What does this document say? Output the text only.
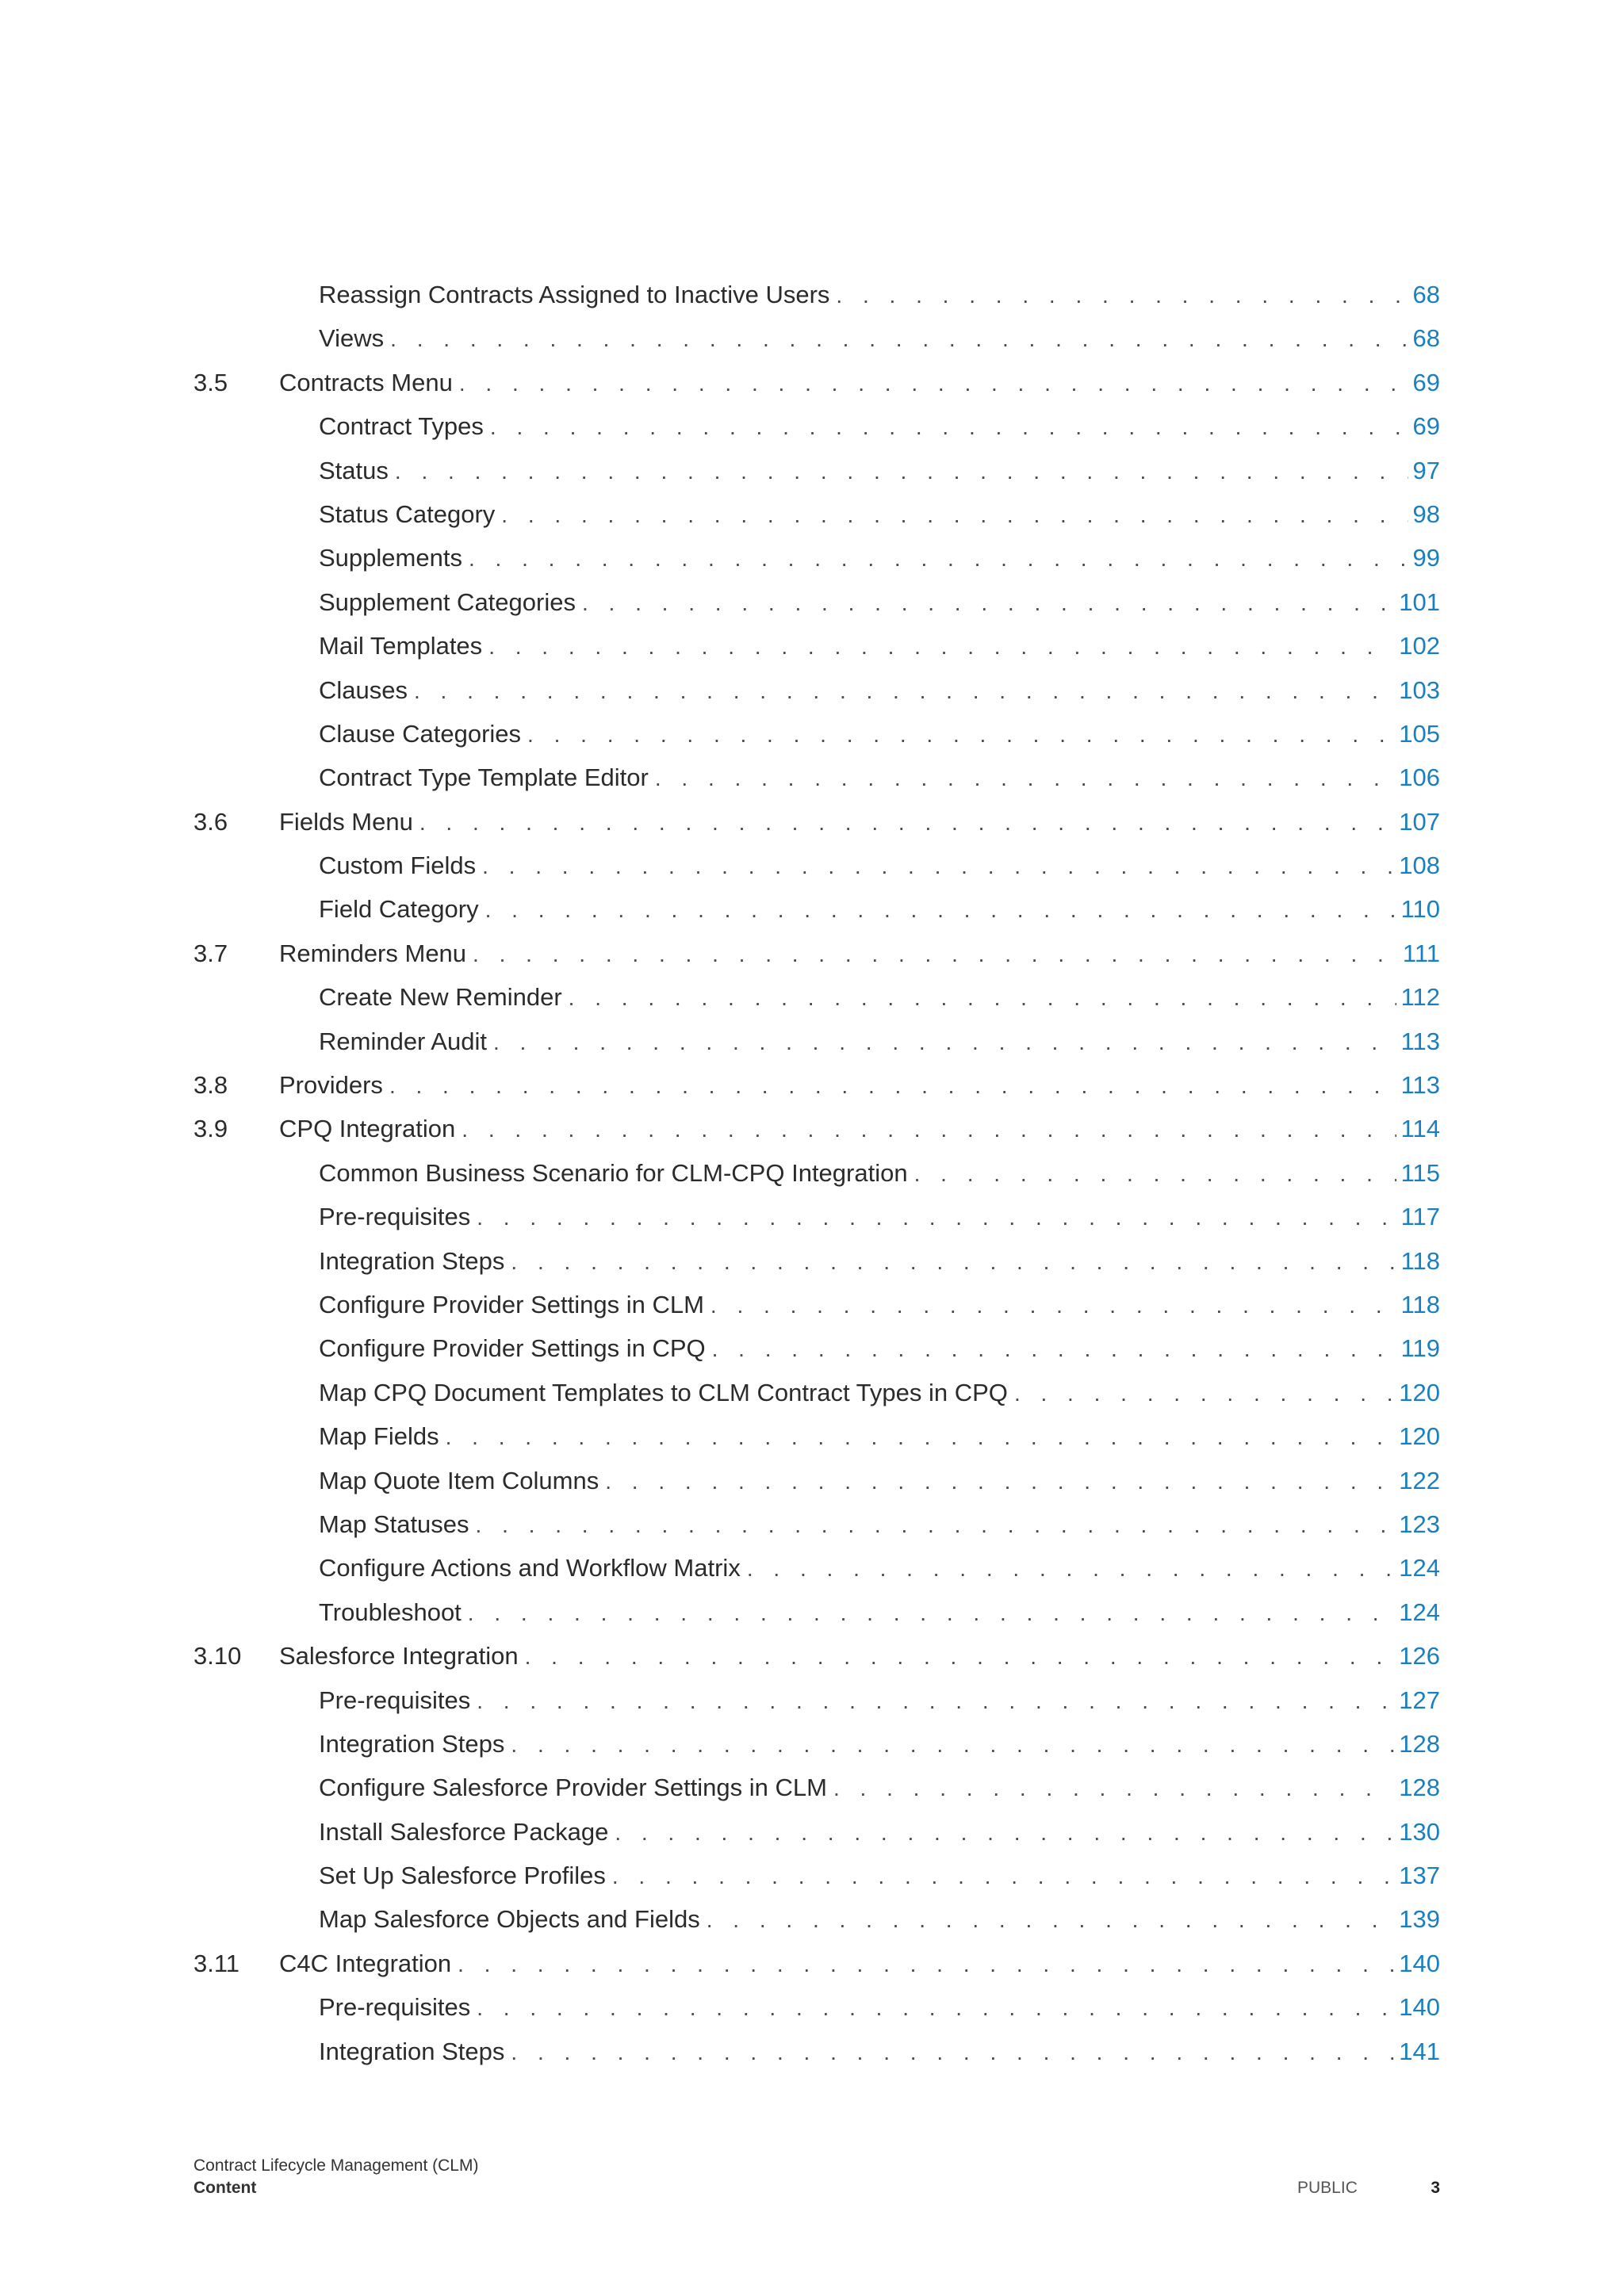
Reassign Contracts Assigned to Inactive Users . . .	68
Views . . .	68
3.5	Contracts Menu . . .	69
Contract Types . . .	69
Status . . .	97
Status Category . . .	98
Supplements . . .	99
Supplement Categories . . .	101
Mail Templates . . .	102
Clauses . . .	103
Clause Categories . . .	105
Contract Type Template Editor . . .	106
3.6	Fields Menu . . .	107
Custom Fields . . .	108
Field Category . . .	110
3.7	Reminders Menu . . .	111
Create New Reminder . . .	112
Reminder Audit . . .	113
3.8	Providers . . .	113
3.9	CPQ Integration . . .	114
Common Business Scenario for CLM-CPQ Integration . . .	115
Pre-requisites . . .	117
Integration Steps . . .	118
Configure Provider Settings in CLM . . .	118
Configure Provider Settings in CPQ . . .	119
Map CPQ Document Templates to CLM Contract Types in CPQ . . .	120
Map Fields . . .	120
Map Quote Item Columns . . .	122
Map Statuses . . .	123
Configure Actions and Workflow Matrix . . .	124
Troubleshoot . . .	124
3.10	Salesforce Integration . . .	126
Pre-requisites . . .	127
Integration Steps . . .	128
Configure Salesforce Provider Settings in CLM . . .	128
Install Salesforce Package . . .	130
Set Up Salesforce Profiles . . .	137
Map Salesforce Objects and Fields . . .	139
3.11	C4C Integration . . .	140
Pre-requisites . . .	140
Integration Steps . . .	141
Contract Lifecycle Management (CLM)
Content	PUBLIC	3
